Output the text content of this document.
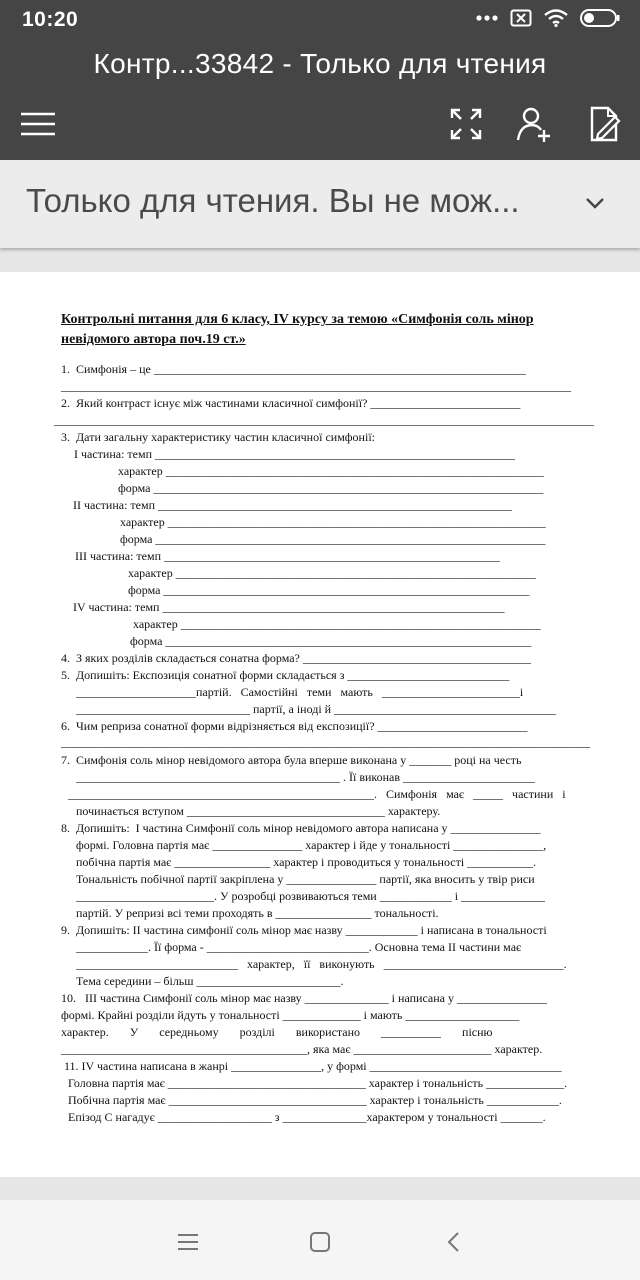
10:20
Контр...33842 - Только для чтения
Только для чтения. Вы не мож...
Контрольні питання для 6 класу, IV курсу за темою «Симфонія соль мінор
невідомого автора поч.19 ст.»
1.  Симфонія – це ______________________________________________________________
_____________________________________________________________________________________
2.  Який контраст існує між частинами класичної симфонії? _________________________
__________________________________________________________________________________________
3.  Дати загальну характеристику частин класичної симфонії:
I частина: темп ____________________________________________________________
характер _______________________________________________________________
форма _________________________________________________________________
II частина: темп ___________________________________________________________
характер _______________________________________________________________
форма _________________________________________________________________
III частина: темп ________________________________________________________
характер ____________________________________________________________
форма _____________________________________________________________
IV частина: темп _________________________________________________________
характер ____________________________________________________________
форма _____________________________________________________________
4.  З яких розділів складається сонатна форма? ______________________________________
5.  Допишіть: Експозиція сонатної форми складається з ___________________________
____________________партій.   Самостійні   теми   мають   _______________________і
_____________________________ партії, а іноді й _____________________________________
6.  Чим реприза сонатної форми відрізняється від експозиції? _________________________
____________________________________________________________________________________________
7.  Симфонія соль мінор невідомого автора була вперше виконана у _______ році на честь
____________________________________________ . Її виконав ______________________
___________________________________________________.   Симфонія   має   _____   частини   і
починається вступом _________________________________ характеру.
8.  Допишіть:  I частина Симфонії соль мінор невідомого автора написана у _______________
формі. Головна партія має _______________ характер і йде у тональності _______________,
побічна партія має ________________ характер і проводиться у тональності ___________.
Тональність побічної партії закріплена у _______________ партії, яка вносить у твір риси
_______________________. У розробці розвиваються теми ____________ і ______________
партій. У репризі всі теми проходять в ________________ тональності.
9.  Допишіть: II частина симфонії соль мінор має назву ____________ і написана в тональності
____________. Її форма - ___________________________. Основна тема II частини має
___________________________   характер,   її   виконують   ______________________________.
Тема середини – більш ________________________.
10.   III частина Симфонії соль мінор має назву ______________ і написана у _______________
формі. Крайні розділи йдуть у тональності _____________ і мають ___________________
характер.       У       середньому       розділі       використано       __________       пісню
_________________________________________, яка має _______________________ характер.
11. IV частина написана в жанрі _______________, у формі ________________________________
Головна партія має _________________________________ характер і тональність _____________.
Побічна партія має _________________________________ характер і тональність ____________.
Епізод С нагадує ___________________ з ______________характером у тональності _______.
